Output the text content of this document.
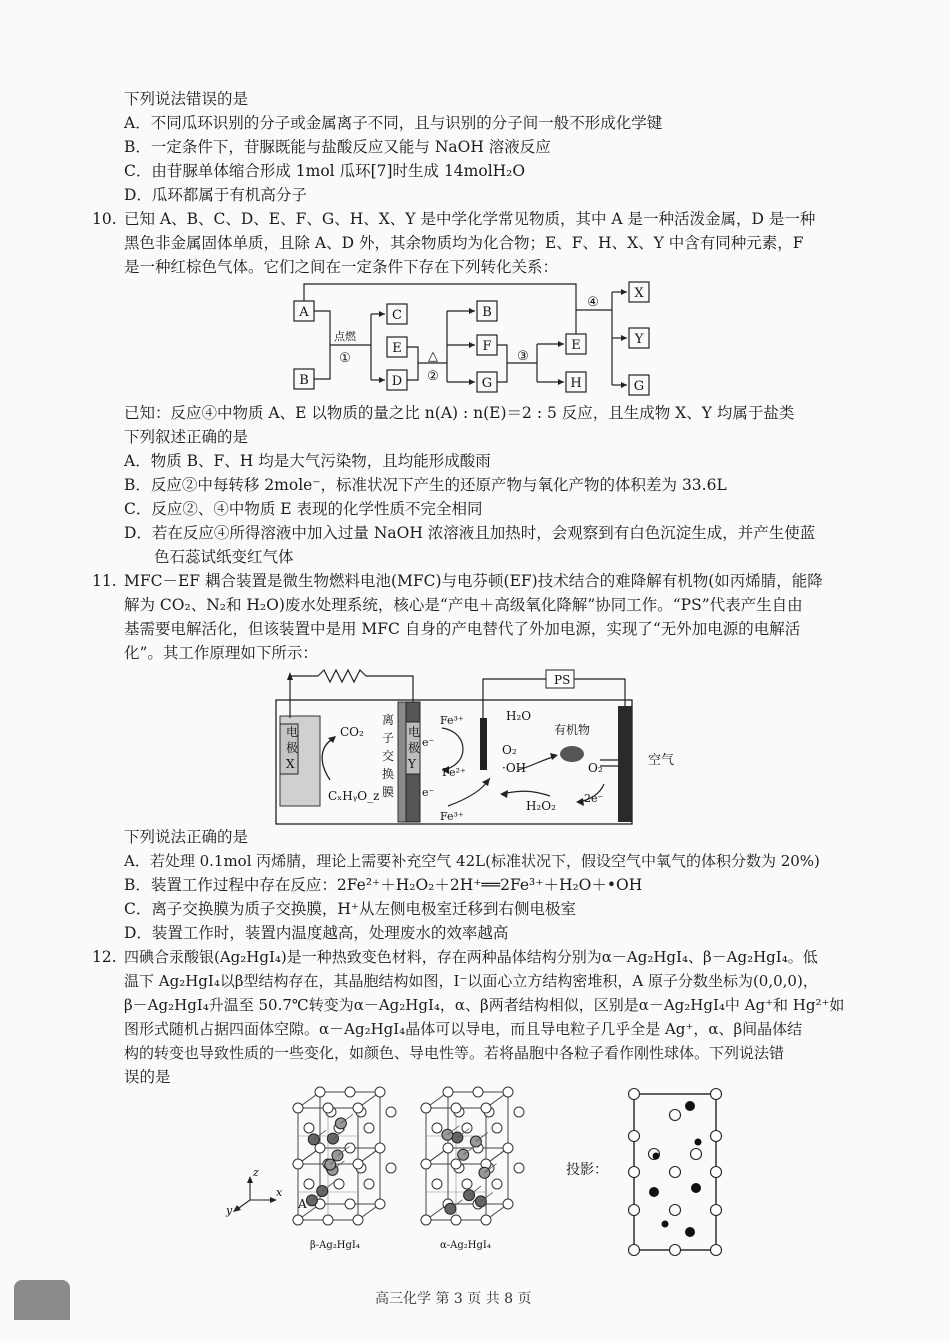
下列说法错误的是
A．不同瓜环识别的分子或金属离子不同，且与识别的分子间一般不形成化学键
B．一定条件下，苷脲既能与盐酸反应又能与 NaOH 溶液反应
C．由苷脲单体缩合形成 1mol 瓜环[7]时生成 14molH₂O
D．瓜环都属于有机高分子
10. 已知 A、B、C、D、E、F、G、H、X、Y 是中学化学常见物质，其中 A 是一种活泼金属，D 是一种
黑色非金属固体单质，且除 A、D 外，其余物质均为化合物；E、F、H、X、Y 中含有同种元素，F
是一种红棕色气体。它们之间在一定条件下存在下列转化关系：
A
B
C
E
D
B
F
G
E
H
X
Y
G
点燃
①	△
②
③
④
已知：反应④中物质 A、E 以物质的量之比 n(A) : n(E)＝2 : 5 反应，且生成物 X、Y 均属于盐类
下列叙述正确的是
A．物质 B、F、H 均是大气污染物，且均能形成酸雨
B．反应②中每转移 2mole⁻，标准状况下产生的还原产物与氧化产物的体积差为 33.6L
C．反应②、④中物质 E 表现的化学性质不完全相同
D．若在反应④所得溶液中加入过量 NaOH 浓溶液且加热时，会观察到有白色沉淀生成，并产生使蓝
色石蕊试纸变红气体
11. MFC－EF 耦合装置是微生物燃料电池(MFC)与电芬顿(EF)技术结合的难降解有机物(如丙烯腈，能降
解为 CO₂、N₂和 H₂O)废水处理系统，核心是“产电＋高级氧化降解”协同工作。“PS”代表产生自由
基需要电解活化，但该装置中是用 MFC 自身的产电替代了外加电源，实现了“无外加电源的电解活
化”。其工作原理如下所示：
电
极
X
离
子
交
换
膜
电
极
Y
CO₂
CₓHᵧO_z
Fe³⁺
Fe²⁺
Fe³⁺
e⁻
e⁻
H₂O
O₂
·OH
有机物
O₂
2e⁻
H₂O₂
PS
空气
下列说法正确的是
A．若处理 0.1mol 丙烯腈，理论上需要补充空气 42L(标准状况下，假设空气中氧气的体积分数为 20%)
B．装置工作过程中存在反应：2Fe²⁺＋H₂O₂＋2H⁺══2Fe³⁺＋H₂O＋•OH
C．离子交换膜为质子交换膜，H⁺从左侧电极室迁移到右侧电极室
D．装置工作时，装置内温度越高，处理废水的效率越高
12. 四碘合汞酸银(Ag₂HgI₄)是一种热致变色材料，存在两种晶体结构分别为α－Ag₂HgI₄、β－Ag₂HgI₄。低
温下 Ag₂HgI₄以β型结构存在，其晶胞结构如图，I⁻以面心立方结构密堆积，A 原子分数坐标为(0,0,0)，
β－Ag₂HgI₄升温至 50.7℃转变为α－Ag₂HgI₄，α、β两者结构相似，区别是α－Ag₂HgI₄中 Ag⁺和 Hg²⁺如
图形式随机占据四面体空隙。α－Ag₂HgI₄晶体可以导电，而且导电粒子几乎全是 Ag⁺，α、β间晶体结
构的转变也导致性质的一些变化，如颜色、导电性等。若将晶胞中各粒子看作刚性球体。下列说法错
误的是
z
x
y	A
β-Ag₂HgI₄	α-Ag₂HgI₄
投影：
高三化学 第 3 页 共 8 页
